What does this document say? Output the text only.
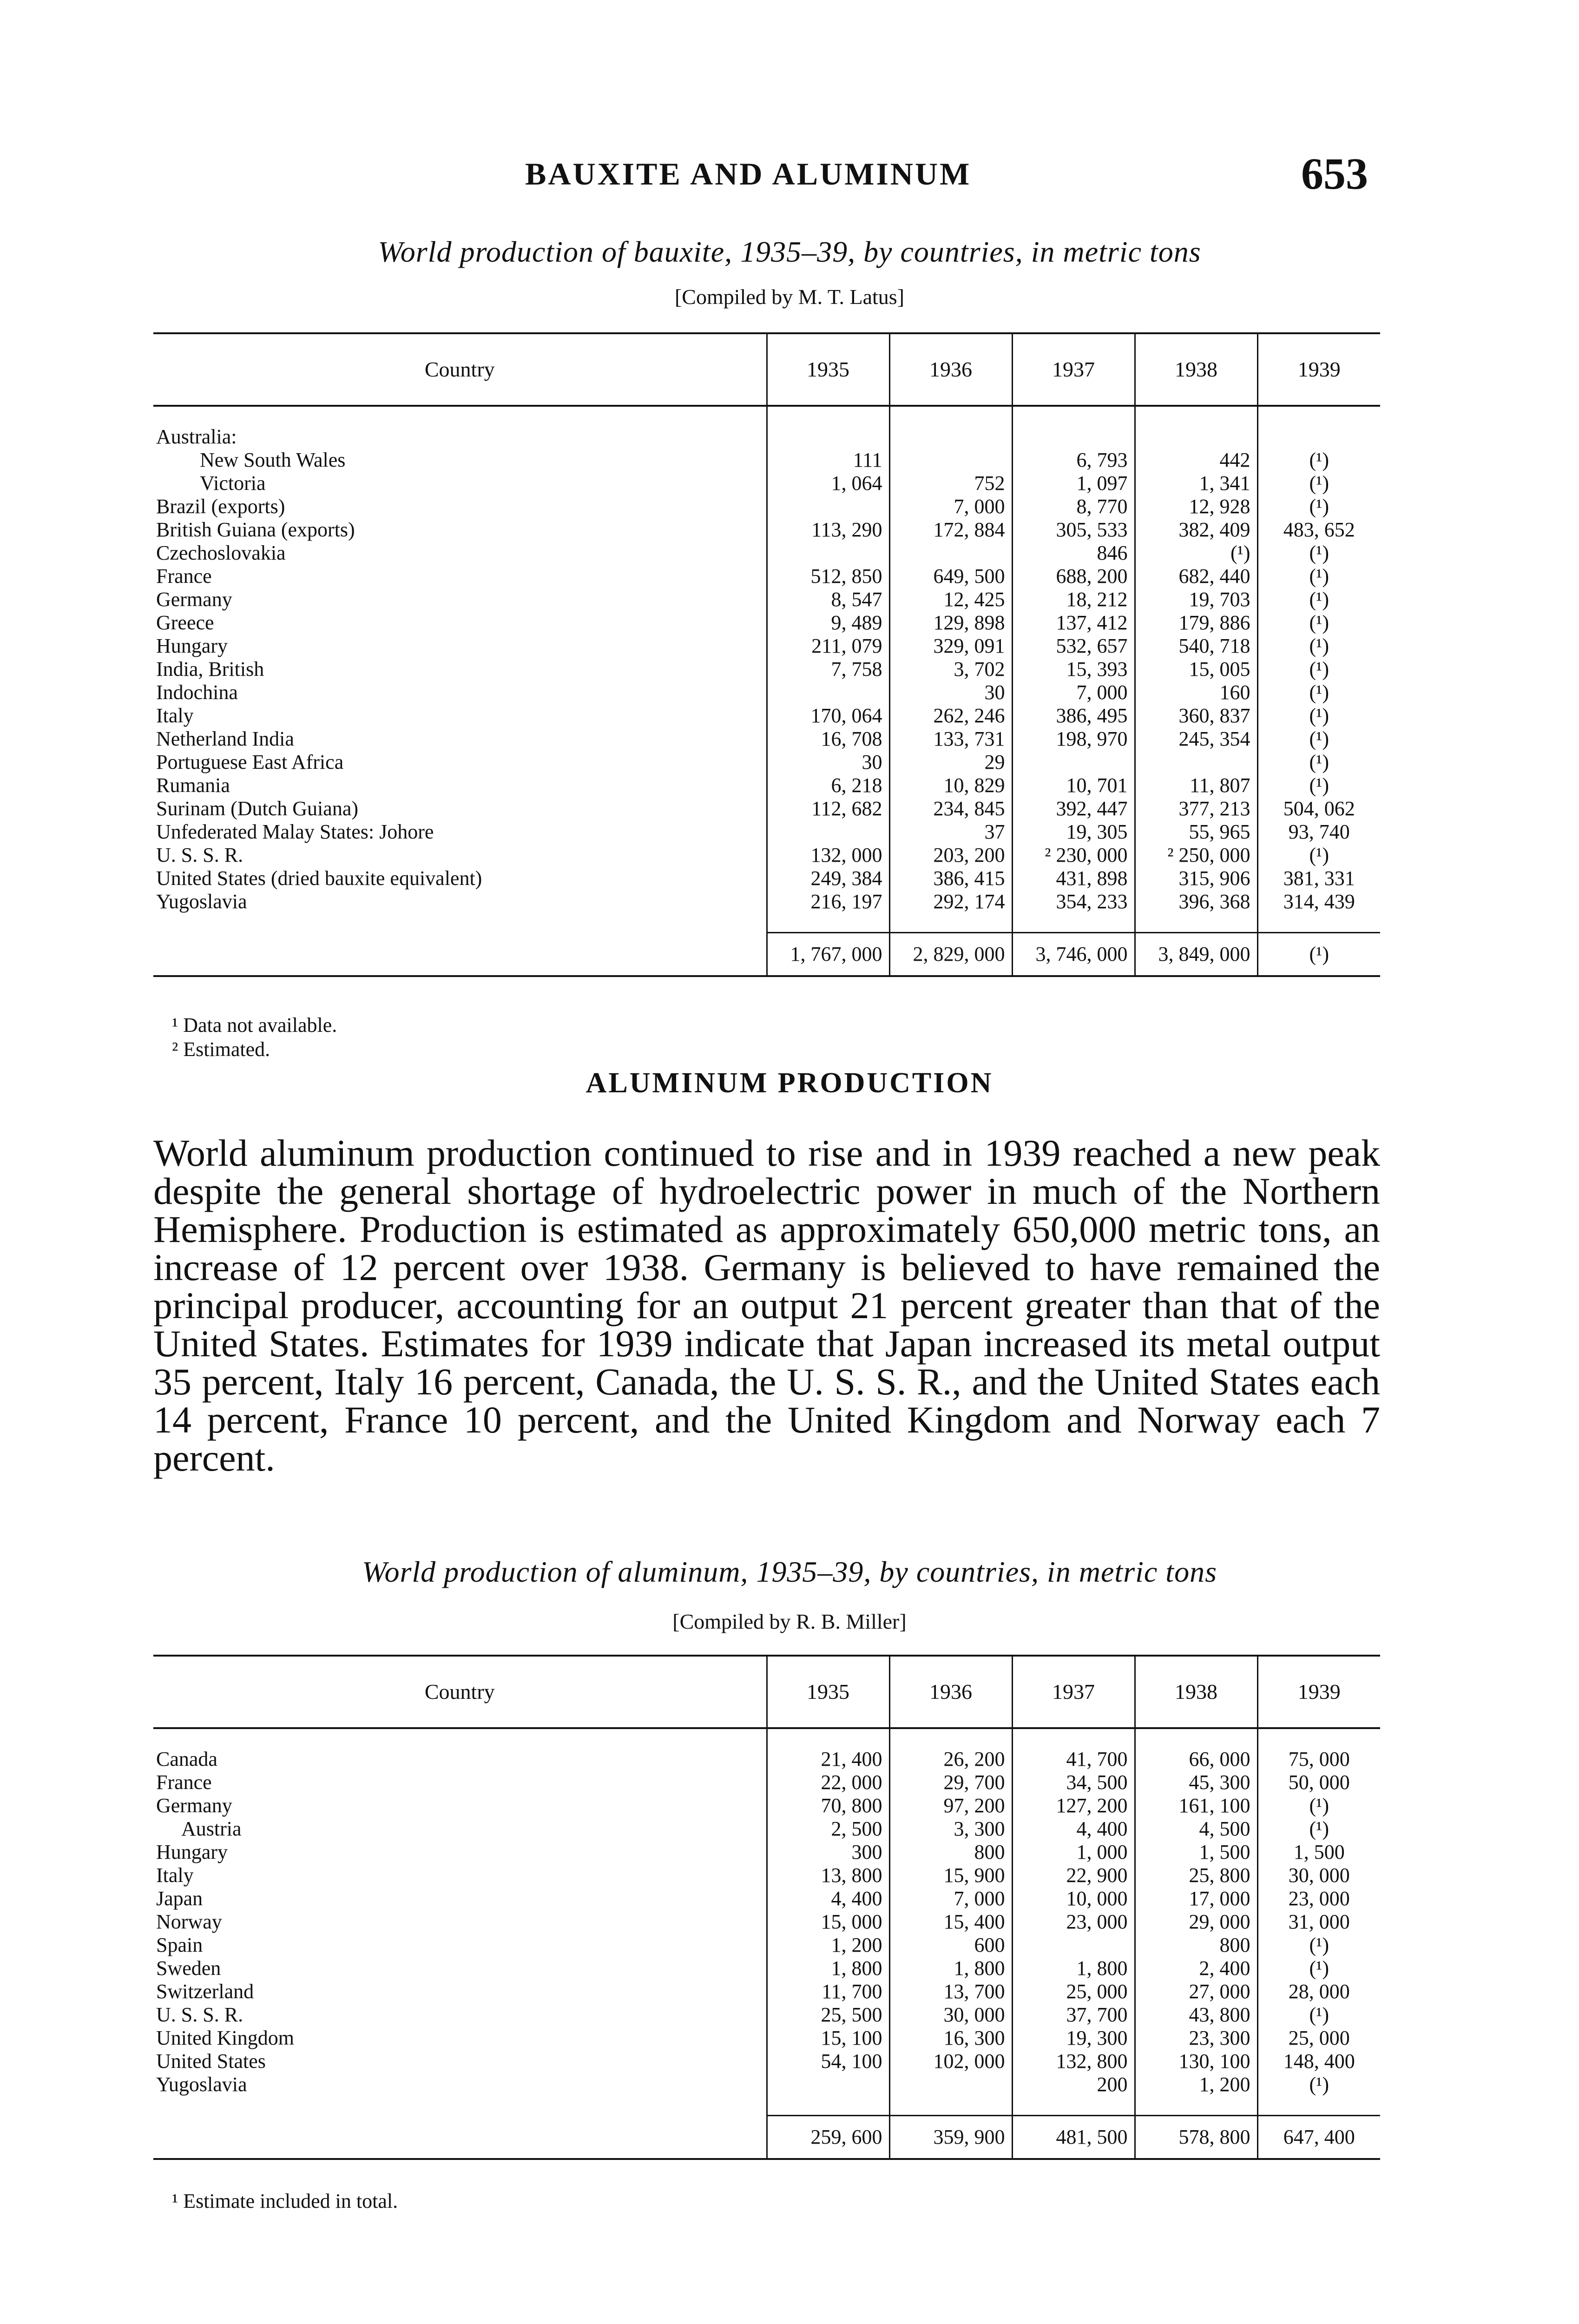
BAUXITE AND ALUMINUM	653
World production of bauxite, 1935–39, by countries, in metric tons
[Compiled by M. T. Latus]
Country	1935	1936	1937	1938	1939

Australia:					
New South Wales	111		6, 793	442	(¹)
Victoria	1, 064	752	1, 097	1, 341	(¹)
Brazil (exports)		7, 000	8, 770	12, 928	(¹)
British Guiana (exports)	113, 290	172, 884	305, 533	382, 409	483, 652
Czechoslovakia			846	(¹)	(¹)
France	512, 850	649, 500	688, 200	682, 440	(¹)
Germany	8, 547	12, 425	18, 212	19, 703	(¹)
Greece	9, 489	129, 898	137, 412	179, 886	(¹)
Hungary	211, 079	329, 091	532, 657	540, 718	(¹)
India, British	7, 758	3, 702	15, 393	15, 005	(¹)
Indochina		30	7, 000	160	(¹)
Italy	170, 064	262, 246	386, 495	360, 837	(¹)
Netherland India	16, 708	133, 731	198, 970	245, 354	(¹)
Portuguese East Africa	30	29			(¹)
Rumania	6, 218	10, 829	10, 701	11, 807	(¹)
Surinam (Dutch Guiana)	112, 682	234, 845	392, 447	377, 213	504, 062
Unfederated Malay States: Johore		37	19, 305	55, 965	93, 740
U. S. S. R.	132, 000	203, 200	² 230, 000	² 250, 000	(¹)
United States (dried bauxite equivalent)	249, 384	386, 415	431, 898	315, 906	381, 331
Yugoslavia	216, 197	292, 174	354, 233	396, 368	314, 439

	1, 767, 000	2, 829, 000	3, 746, 000	3, 849, 000	(¹)
¹ Data not available.
² Estimated.
ALUMINUM PRODUCTION
World aluminum production continued to rise and in 1939 reached a new peak despite the general shortage of hydroelectric power in much of the Northern Hemisphere. Production is estimated as approximately 650,000 metric tons, an increase of 12 percent over 1938. Germany is believed to have remained the principal producer, accounting for an output 21 percent greater than that of the United States. Estimates for 1939 indicate that Japan increased its metal output 35 percent, Italy 16 percent, Canada, the U. S. S. R., and the United States each 14 percent, France 10 percent, and the United Kingdom and Norway each 7 percent.
World production of aluminum, 1935–39, by countries, in metric tons
[Compiled by R. B. Miller]
Country	1935	1936	1937	1938	1939

Canada	21, 400	26, 200	41, 700	66, 000	75, 000
France	22, 000	29, 700	34, 500	45, 300	50, 000
Germany	70, 800	97, 200	127, 200	161, 100	(¹)
Austria	2, 500	3, 300	4, 400	4, 500	(¹)
Hungary	300	800	1, 000	1, 500	1, 500
Italy	13, 800	15, 900	22, 900	25, 800	30, 000
Japan	4, 400	7, 000	10, 000	17, 000	23, 000
Norway	15, 000	15, 400	23, 000	29, 000	31, 000
Spain	1, 200	600		800	(¹)
Sweden	1, 800	1, 800	1, 800	2, 400	(¹)
Switzerland	11, 700	13, 700	25, 000	27, 000	28, 000
U. S. S. R.	25, 500	30, 000	37, 700	43, 800	(¹)
United Kingdom	15, 100	16, 300	19, 300	23, 300	25, 000
United States	54, 100	102, 000	132, 800	130, 100	148, 400
Yugoslavia			200	1, 200	(¹)

	259, 600	359, 900	481, 500	578, 800	647, 400
¹ Estimate included in total.
